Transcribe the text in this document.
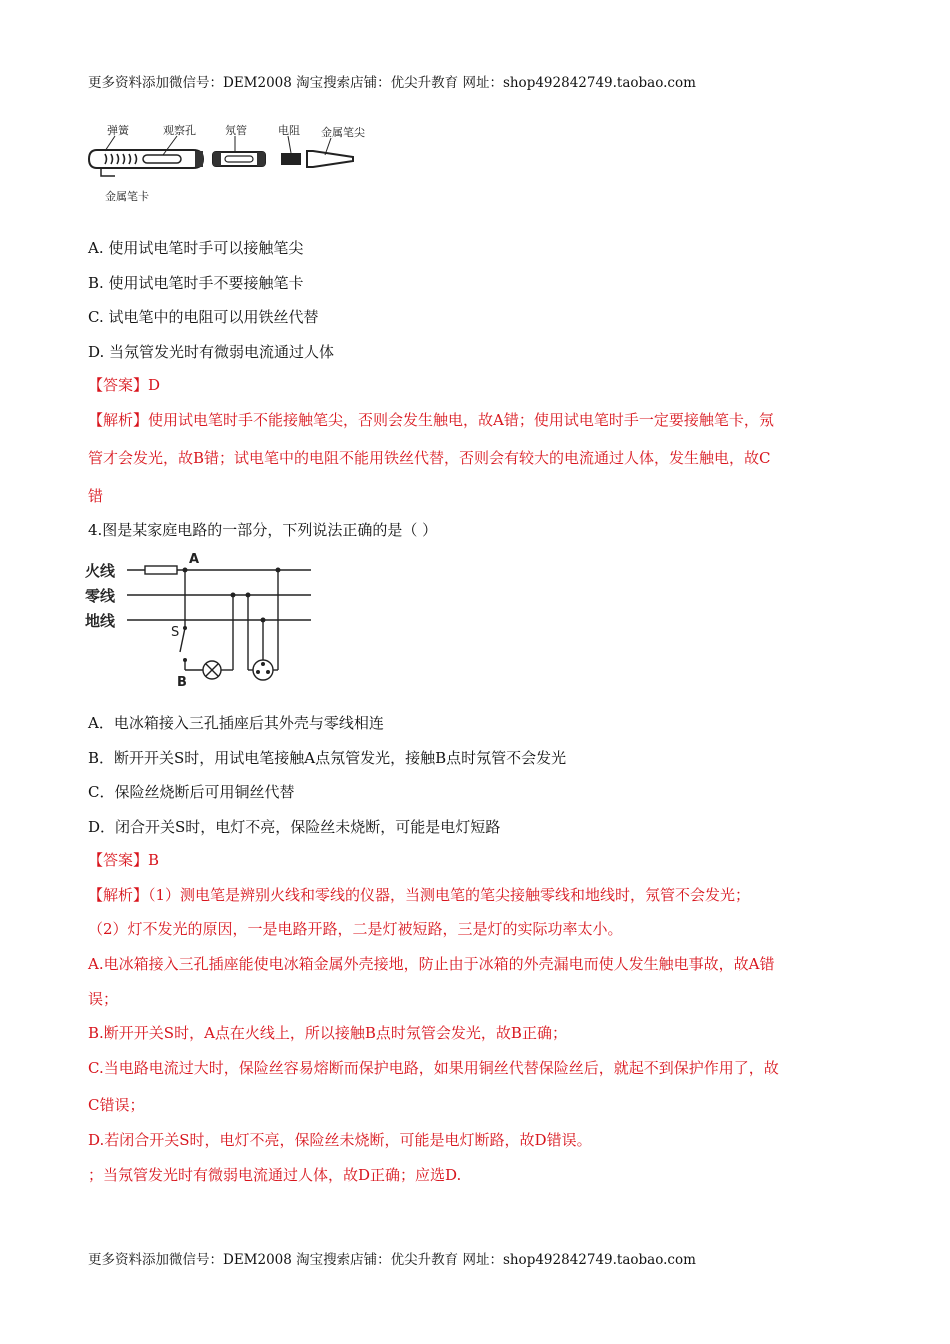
更多资料添加微信号：DEM2008 淘宝搜索店铺：优尖升教育 网址：shop492842749.taobao.com
弹簧	观察孔	氖管	电阻 金属笔尖
金属笔卡
A. 使用试电笔时手可以接触笔尖
B. 使用试电笔时手不要接触笔卡
C. 试电笔中的电阻可以用铁丝代替
D. 当氖管发光时有微弱电流通过人体
【答案】D
【解析】使用试电笔时手不能接触笔尖，否则会发生触电，故A错；使用试电笔时手一定要接触笔卡，氖
管才会发光，故B错；试电笔中的电阻不能用铁丝代替，否则会有较大的电流通过人体，发生触电，故C
错
4.图是某家庭电路的一部分，下列说法正确的是（ ）
火线
零线
地线
A
S
B
A．电冰箱接入三孔插座后其外壳与零线相连
B．断开开关S时，用试电笔接触A点氖管发光，接触B点时氖管不会发光
C．保险丝烧断后可用铜丝代替
D．闭合开关S时，电灯不亮，保险丝未烧断，可能是电灯短路
【答案】B
【解析】（1）测电笔是辨别火线和零线的仪器，当测电笔的笔尖接触零线和地线时，氖管不会发光；
（2）灯不发光的原因，一是电路开路，二是灯被短路，三是灯的实际功率太小。
A.电冰箱接入三孔插座能使电冰箱金属外壳接地，防止由于冰箱的外壳漏电而使人发生触电事故，故A错
误；
B.断开开关S时，A点在火线上，所以接触B点时氖管会发光，故B正确；
C.当电路电流过大时，保险丝容易熔断而保护电路，如果用铜丝代替保险丝后，就起不到保护作用了，故
C错误；
D.若闭合开关S时，电灯不亮，保险丝未烧断，可能是电灯断路，故D错误。
；当氖管发光时有微弱电流通过人体，故D正确；应选D.
更多资料添加微信号：DEM2008 淘宝搜索店铺：优尖升教育 网址：shop492842749.taobao.com
